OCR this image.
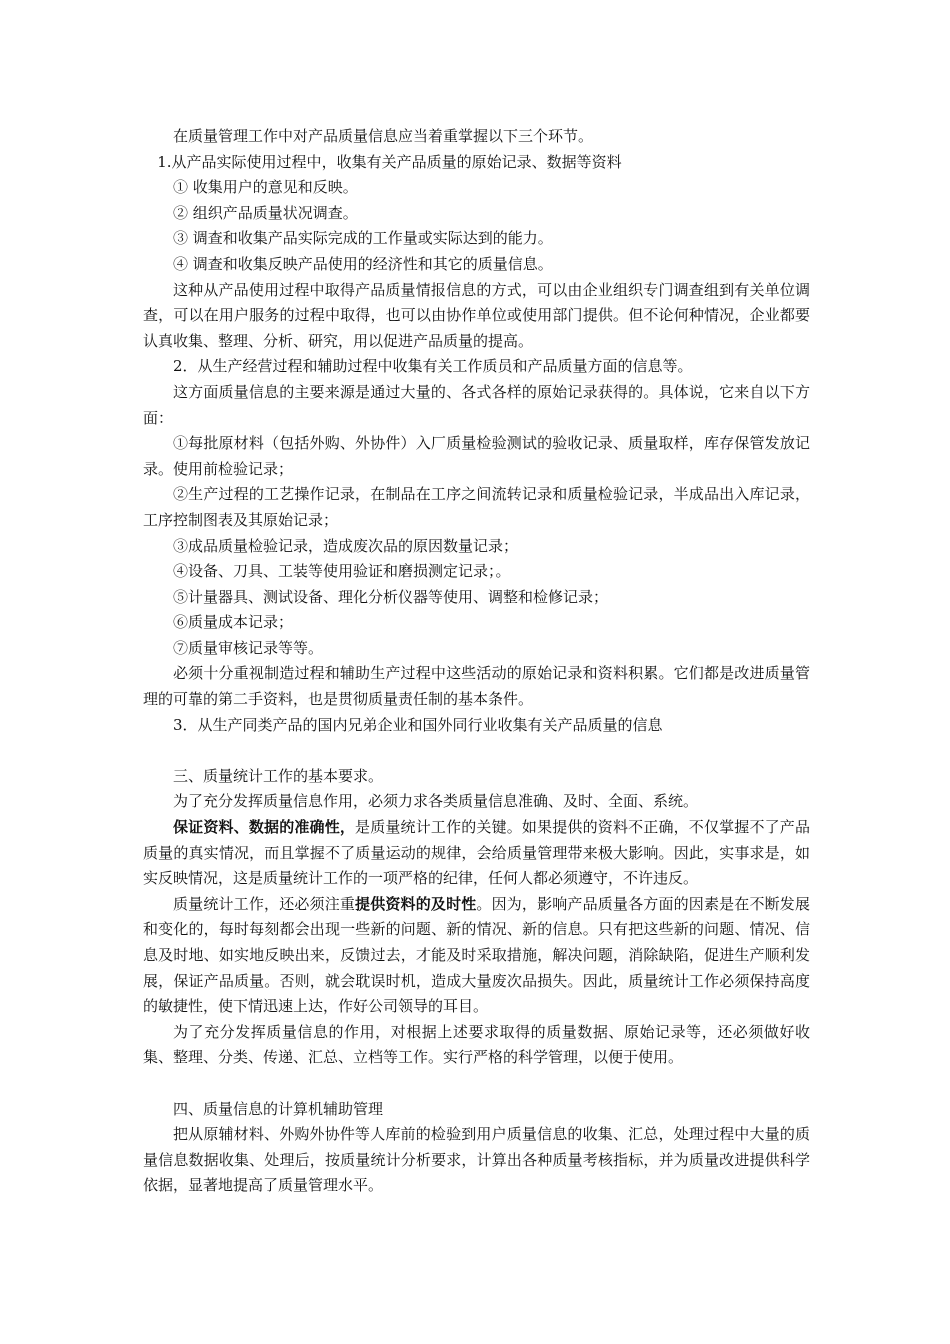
在质量管理工作中对产品质量信息应当着重掌握以下三个环节。

1.从产品实际使用过程中，收集有关产品质量的原始记录、数据等资料

① 收集用户的意见和反映。

② 组织产品质量状况调查。

③ 调查和收集产品实际完成的工作量或实际达到的能力。

④ 调查和收集反映产品使用的经济性和其它的质量信息。

这种从产品使用过程中取得产品质量情报信息的方式，可以由企业组织专门调查组到有关单位调查，可以在用户服务的过程中取得，也可以由协作单位或使用部门提供。但不论何种情况，企业都要认真收集、整理、分析、研究，用以促进产品质量的提高。

2．从生产经营过程和辅助过程中收集有关工作质员和产品质量方面的信息等。

这方面质量信息的主要来源是通过大量的、各式各样的原始记录获得的。具体说，它来自以下方面：

①每批原材料（包括外购、外协件）入厂质量检验测试的验收记录、质量取样，库存保管发放记录。使用前检验记录；

②生产过程的工艺操作记录，在制品在工序之间流转记录和质量检验记录，半成品出入库记录，工序控制图表及其原始记录；

③成品质量检验记录，造成废次品的原因数量记录；

④设备、刀具、工装等使用验证和磨损测定记录；。

⑤计量器具、测试设备、理化分析仪器等使用、调整和检修记录；

⑥质量成本记录；

⑦质量审核记录等等。

必须十分重视制造过程和辅助生产过程中这些活动的原始记录和资料积累。它们都是改进质量管理的可靠的第二手资料，也是贯彻质量责任制的基本条件。

3．从生产同类产品的国内兄弟企业和国外同行业收集有关产品质量的信息

三、质量统计工作的基本要求。

为了充分发挥质量信息作用，必须力求各类质量信息准确、及时、全面、系统。

保证资料、数据的准确性，是质量统计工作的关键。如果提供的资料不正确，不仅掌握不了产品质量的真实情况，而且掌握不了质量运动的规律，会给质量管理带来极大影响。因此，实事求是，如实反映情况，这是质量统计工作的一项严格的纪律，任何人都必须遵守，不许违反。

质量统计工作，还必须注重提供资料的及时性。因为，影响产品质量各方面的因素是在不断发展和变化的，每时每刻都会出现一些新的问题、新的情况、新的信息。只有把这些新的问题、情况、信息及时地、如实地反映出来，反馈过去，才能及时采取措施，解决问题，消除缺陷，促进生产顺利发展，保证产品质量。否则，就会耽误时机，造成大量废次品损失。因此，质量统计工作必须保持高度的敏捷性，使下情迅速上达，作好公司领导的耳目。

为了充分发挥质量信息的作用，对根据上述要求取得的质量数据、原始记录等，还必须做好收集、整理、分类、传递、汇总、立档等工作。实行严格的科学管理，以便于使用。

四、质量信息的计算机辅助管理

把从原辅材料、外购外协件等人库前的检验到用户质量信息的收集、汇总，处理过程中大量的质量信息数据收集、处理后，按质量统计分析要求，计算出各种质量考核指标，并为质量改进提供科学依据，显著地提高了质量管理水平。
